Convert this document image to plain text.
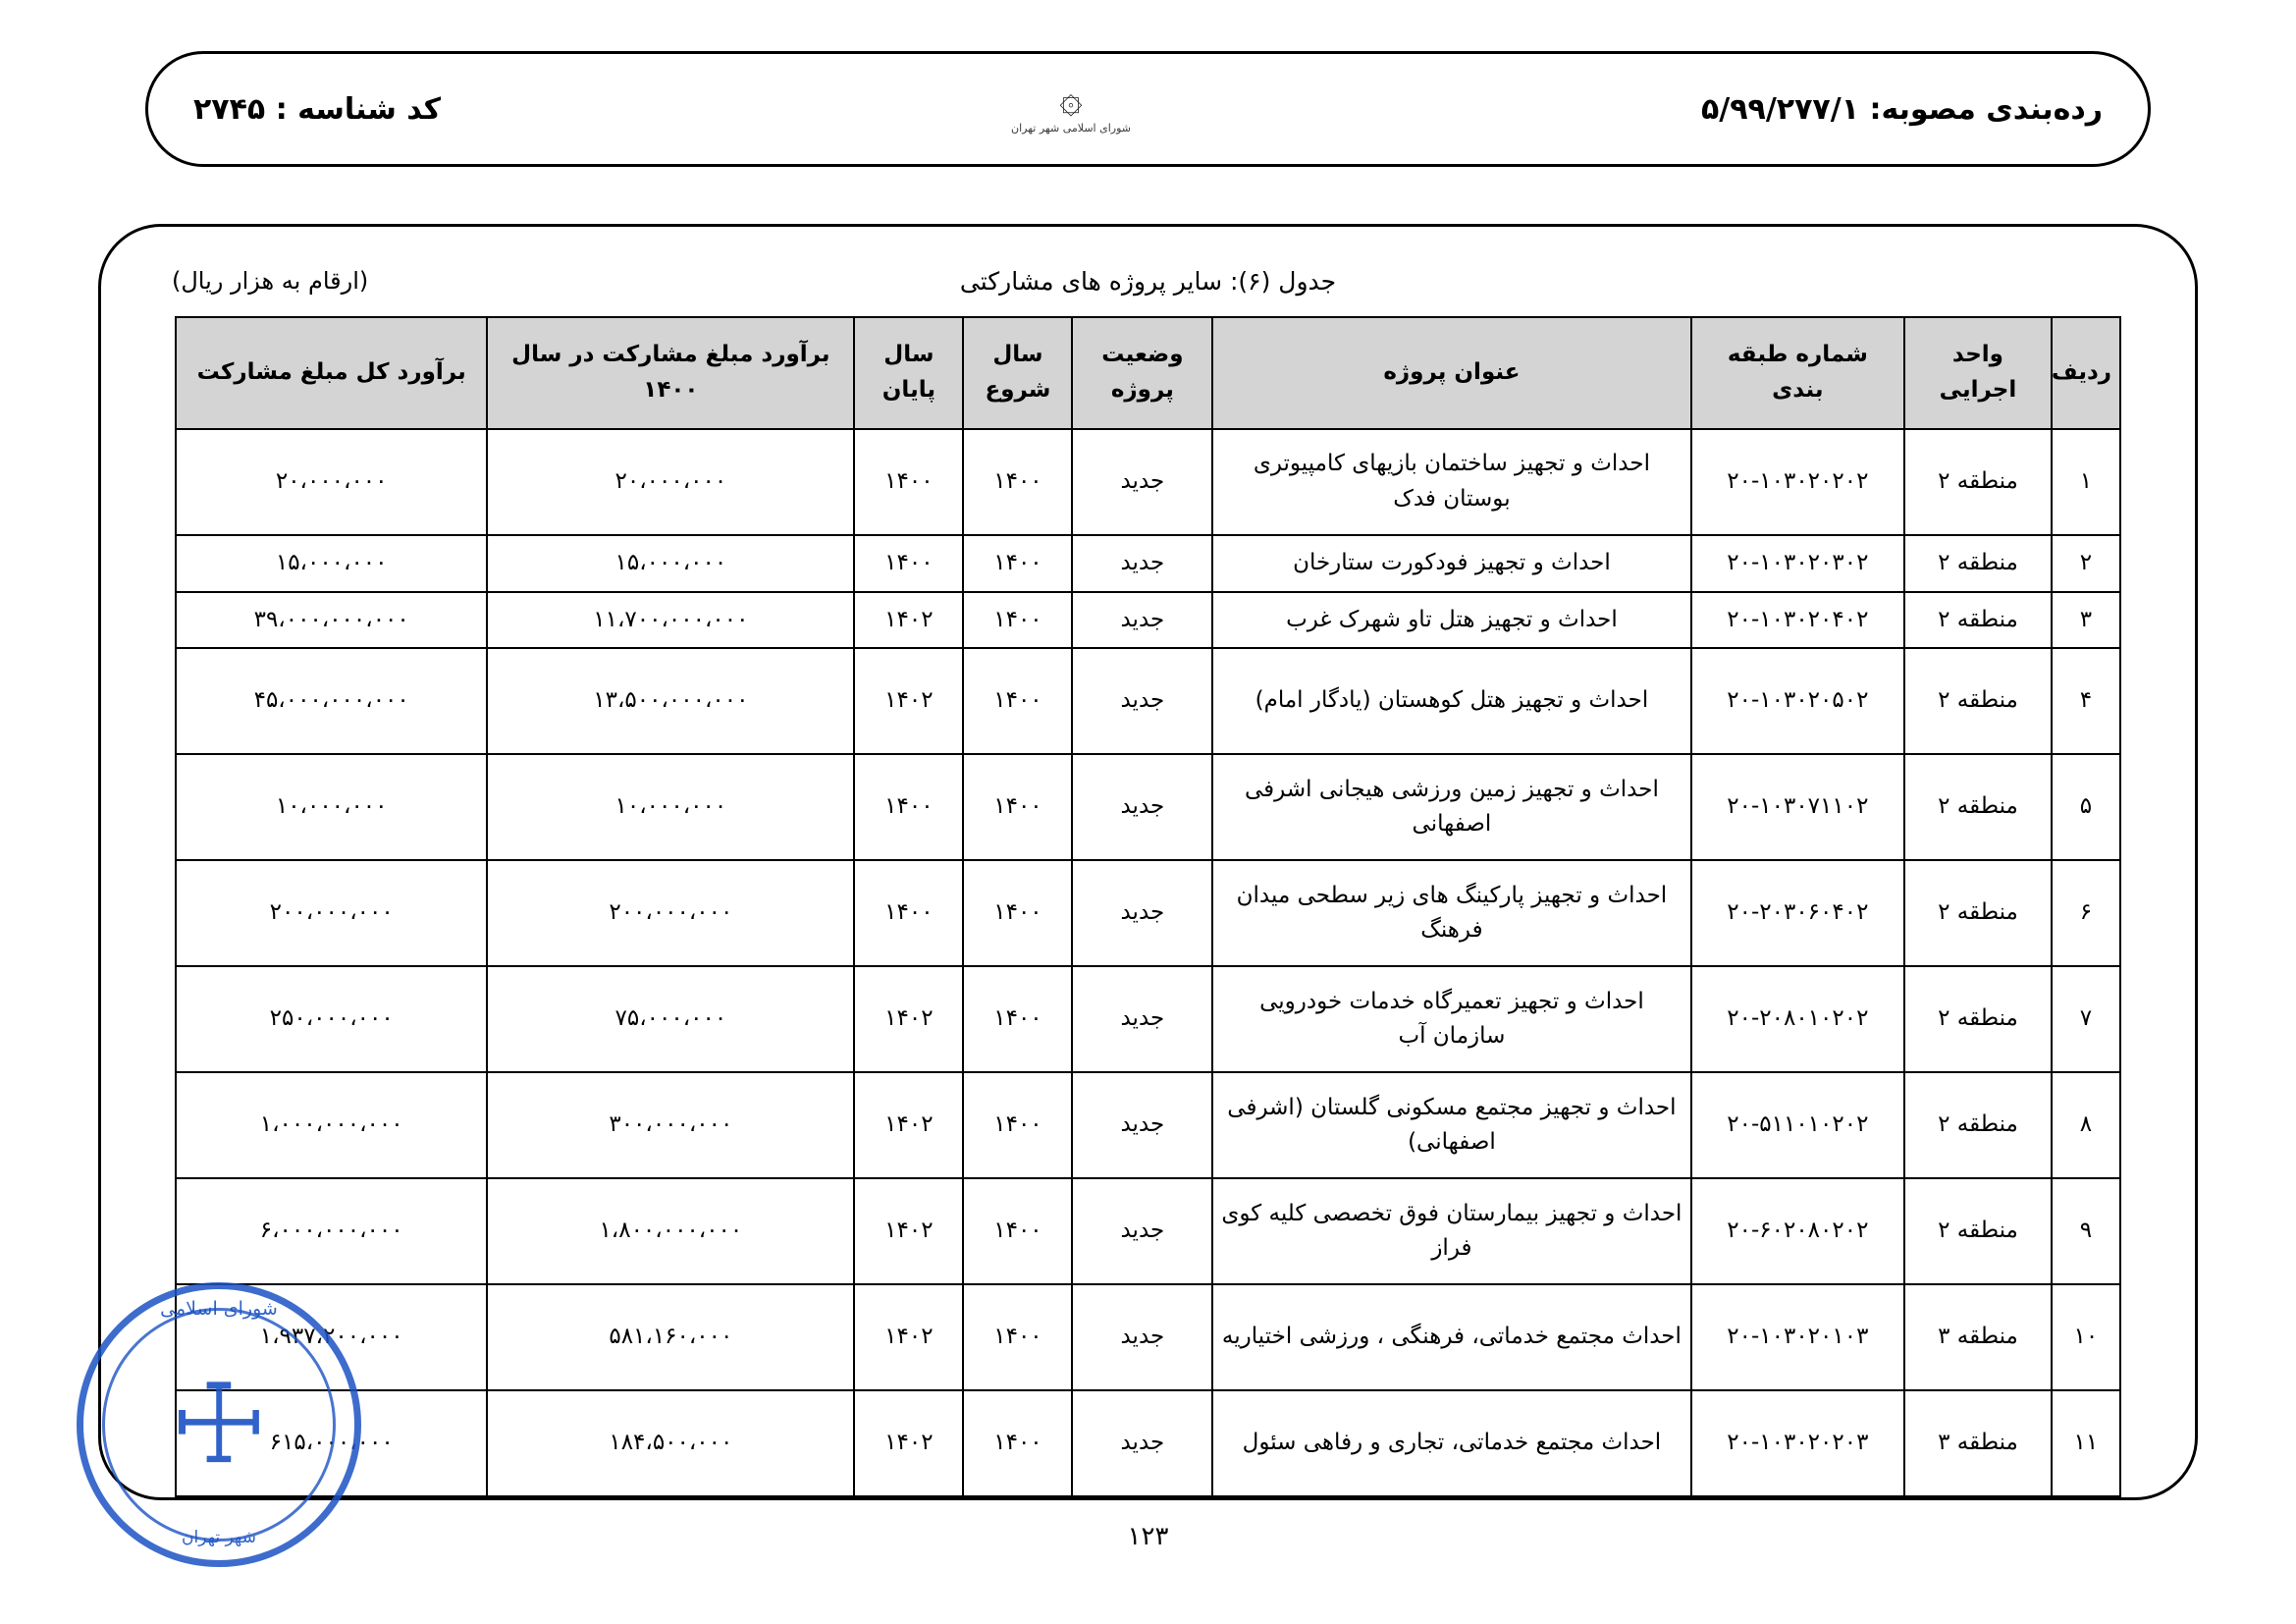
رده‌بندی مصوبه: ۵/۹۹/۲۷۷/۱
۞
شورای اسلامی شهر تهران
کد شناسه : ۲۷۴۵
(ارقام به هزار ریال)	جدول (۶): سایر پروژه های مشارکتی
ردیف	واحد اجرایی	شماره طبقه بندی	عنوان پروژه	وضعیت پروژه	سال شروع	سال پایان	برآورد مبلغ مشارکت در سال ۱۴۰۰	برآورد کل مبلغ مشارکت
۱	منطقه ۲	۲۰-۱۰۳۰۲۰۲۰۲	احداث و تجهیز ساختمان بازیهای کامپیوتری بوستان فدک	جدید	۱۴۰۰	۱۴۰۰	۲۰،۰۰۰،۰۰۰	۲۰،۰۰۰،۰۰۰
۲	منطقه ۲	۲۰-۱۰۳۰۲۰۳۰۲	احداث و تجهیز فودکورت ستارخان	جدید	۱۴۰۰	۱۴۰۰	۱۵،۰۰۰،۰۰۰	۱۵،۰۰۰،۰۰۰
۳	منطقه ۲	۲۰-۱۰۳۰۲۰۴۰۲	احداث و تجهیز هتل تاو شهرک غرب	جدید	۱۴۰۰	۱۴۰۲	۱۱،۷۰۰،۰۰۰،۰۰۰	۳۹،۰۰۰،۰۰۰،۰۰۰
۴	منطقه ۲	۲۰-۱۰۳۰۲۰۵۰۲	احداث و تجهیز هتل کوهستان (یادگار امام)	جدید	۱۴۰۰	۱۴۰۲	۱۳،۵۰۰،۰۰۰،۰۰۰	۴۵،۰۰۰،۰۰۰،۰۰۰
۵	منطقه ۲	۲۰-۱۰۳۰۷۱۱۰۲	احداث و تجهیز زمین ورزشی هیجانی اشرفی اصفهانی	جدید	۱۴۰۰	۱۴۰۰	۱۰،۰۰۰،۰۰۰	۱۰،۰۰۰،۰۰۰
۶	منطقه ۲	۲۰-۲۰۳۰۶۰۴۰۲	احداث و تجهیز پارکینگ های زیر سطحی میدان فرهنگ	جدید	۱۴۰۰	۱۴۰۰	۲۰۰،۰۰۰،۰۰۰	۲۰۰،۰۰۰،۰۰۰
۷	منطقه ۲	۲۰-۲۰۸۰۱۰۲۰۲	احداث و تجهیز تعمیرگاه خدمات خودرویی سازمان آب	جدید	۱۴۰۰	۱۴۰۲	۷۵،۰۰۰،۰۰۰	۲۵۰،۰۰۰،۰۰۰
۸	منطقه ۲	۲۰-۵۱۱۰۱۰۲۰۲	احداث و تجهیز مجتمع مسکونی گلستان (اشرفی اصفهانی)	جدید	۱۴۰۰	۱۴۰۲	۳۰۰،۰۰۰،۰۰۰	۱،۰۰۰،۰۰۰،۰۰۰
۹	منطقه ۲	۲۰-۶۰۲۰۸۰۲۰۲	احداث و تجهیز بیمارستان فوق تخصصی کلیه کوی فراز	جدید	۱۴۰۰	۱۴۰۲	۱،۸۰۰،۰۰۰،۰۰۰	۶،۰۰۰،۰۰۰،۰۰۰
۱۰	منطقه ۳	۲۰-۱۰۳۰۲۰۱۰۳	احداث مجتمع خدماتی، فرهنگی ، ورزشی اختیاریه	جدید	۱۴۰۰	۱۴۰۲	۵۸۱،۱۶۰،۰۰۰	۱،۹۳۷،۲۰۰،۰۰۰
۱۱	منطقه ۳	۲۰-۱۰۳۰۲۰۲۰۳	احداث مجتمع خدماتی، تجاری و رفاهی سئول	جدید	۱۴۰۰	۱۴۰۲	۱۸۴،۵۰۰،۰۰۰	۶۱۵،۰۰۰،۰۰۰
۱۲۳
شورای اسلامی
☩
شهر تهران
